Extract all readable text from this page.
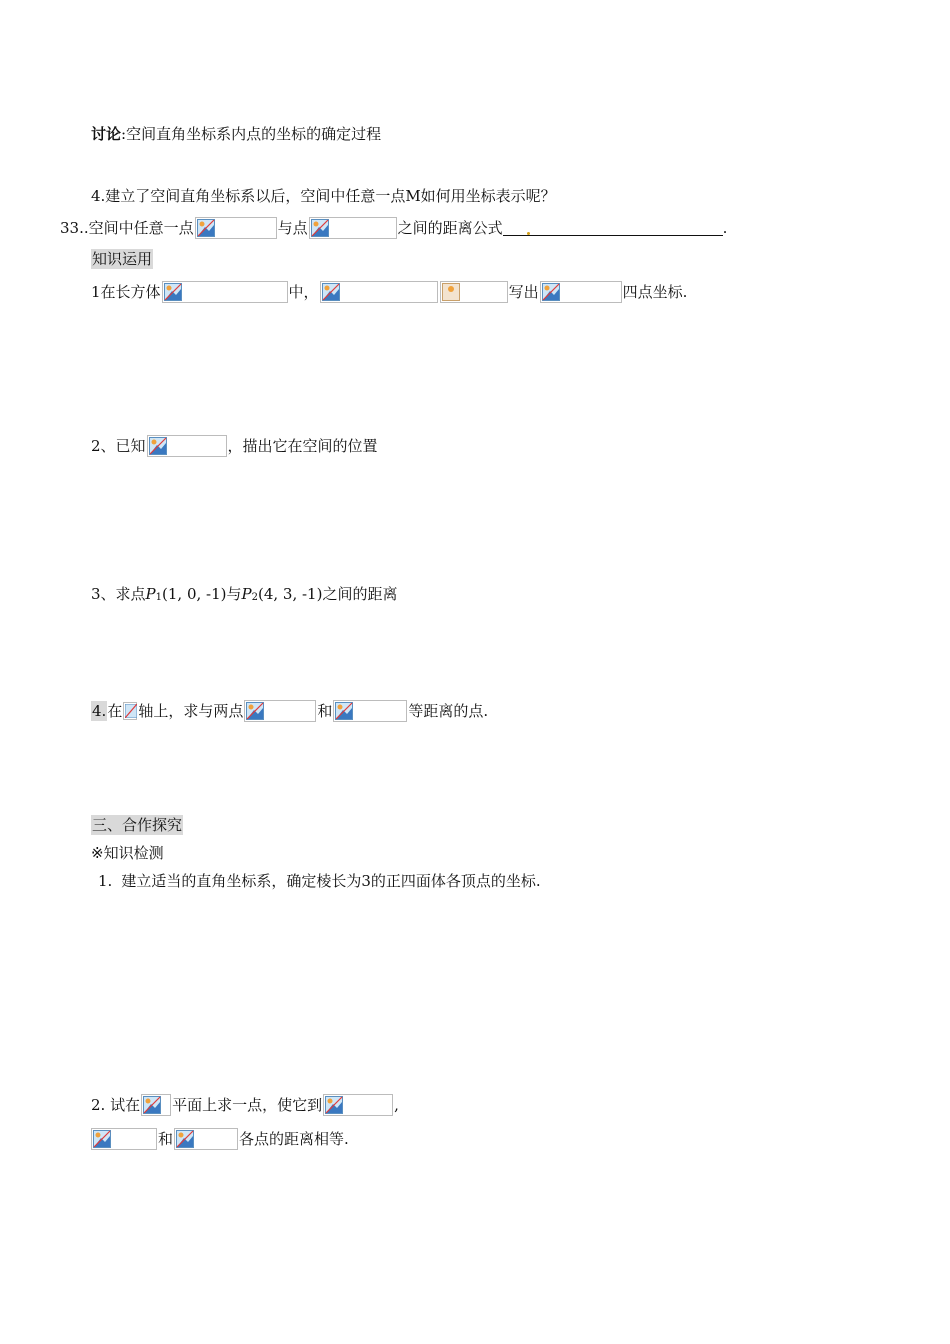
讨论 :空间直角坐标系内点的坐标的确定过程
4.建立了空间直角坐标系以后，空间中任意一点M如何用坐标表示呢？
33. .空间中任意一点	与点	之间的距离公式	.
知识运用
1在长方体	中，	写出	四点坐标.
2、已知	，描出它在空间的位置
3、求点 P 1 (1, 0, -1)与 P 2 (4, 3, -1)之间的距离
4. 在 轴上，求与两点	和	等距离的点.
三、合作探究
※ 知识检测
1. 建立适当的直角坐标系，确定棱长为3的正四面体各顶点的坐标.
2. 试在 平面上求一点，使它到	,
和	各点的距离相等.
